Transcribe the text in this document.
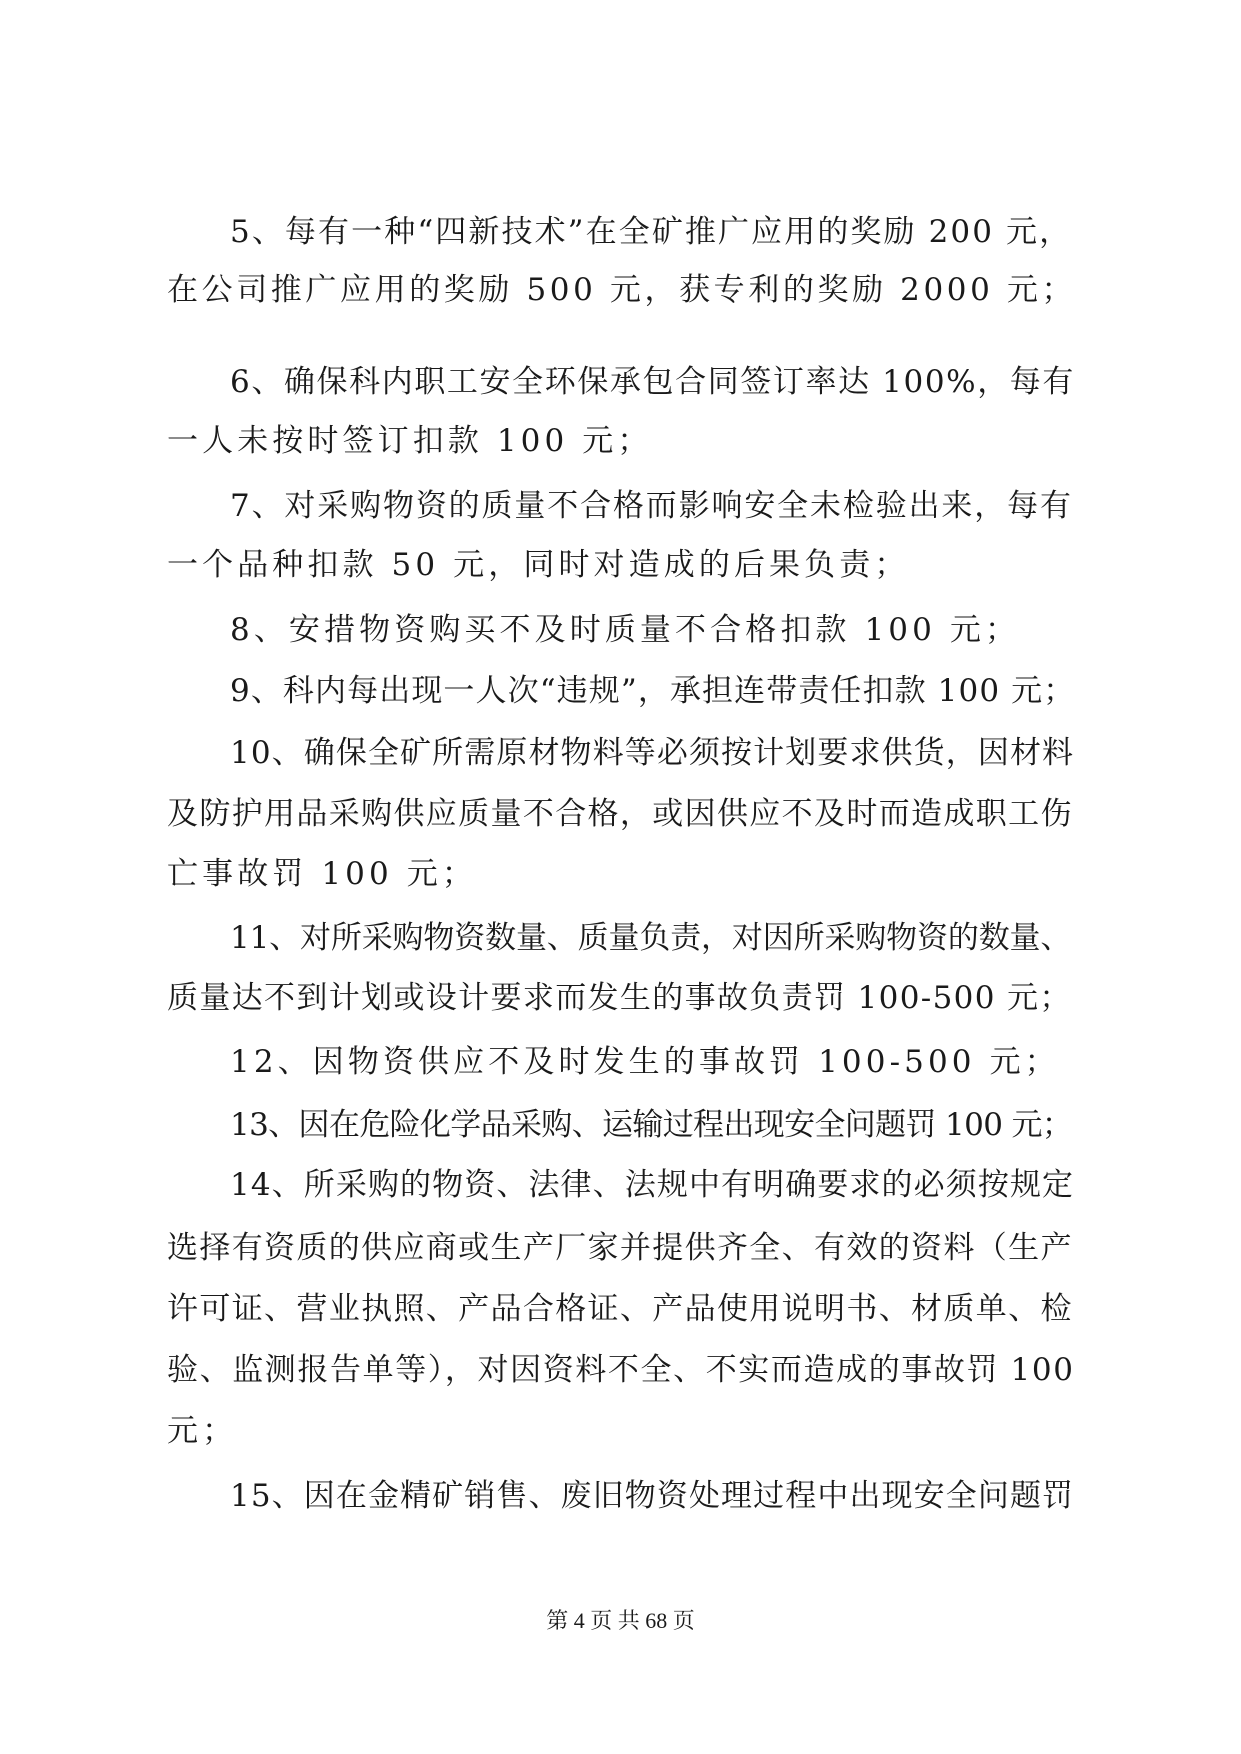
5、每有一种“四新技术”在全矿推广应用的奖励 200 元，
在公司推广应用的奖励 500 元，获专利的奖励 2000 元；
6、确保科内职工安全环保承包合同签订率达 100%，每有
一人未按时签订扣款 100 元；
7、对采购物资的质量不合格而影响安全未检验出来，每有
一个品种扣款 50 元，同时对造成的后果负责；
8、安措物资购买不及时质量不合格扣款 100 元；
9、科内每出现一人次“违规”，承担连带责任扣款 100 元；
10、确保全矿所需原材物料等必须按计划要求供货，因材料
及防护用品采购供应质量不合格，或因供应不及时而造成职工伤
亡事故罚 100 元；
11、对所采购物资数量、质量负责，对因所采购物资的数量、
质量达不到计划或设计要求而发生的事故负责罚 100-500 元；
12、因物资供应不及时发生的事故罚 100-500 元；
13、因在危险化学品采购、运输过程出现安全问题罚 100 元；
14、所采购的物资、法律、法规中有明确要求的必须按规定
选择有资质的供应商或生产厂家并提供齐全、有效的资料（生产
许可证、营业执照、产品合格证、产品使用说明书、材质单、检
验、监测报告单等），对因资料不全、不实而造成的事故罚 100
元；
15、因在金精矿销售、废旧物资处理过程中出现安全问题罚
第 4 页 共 68 页
